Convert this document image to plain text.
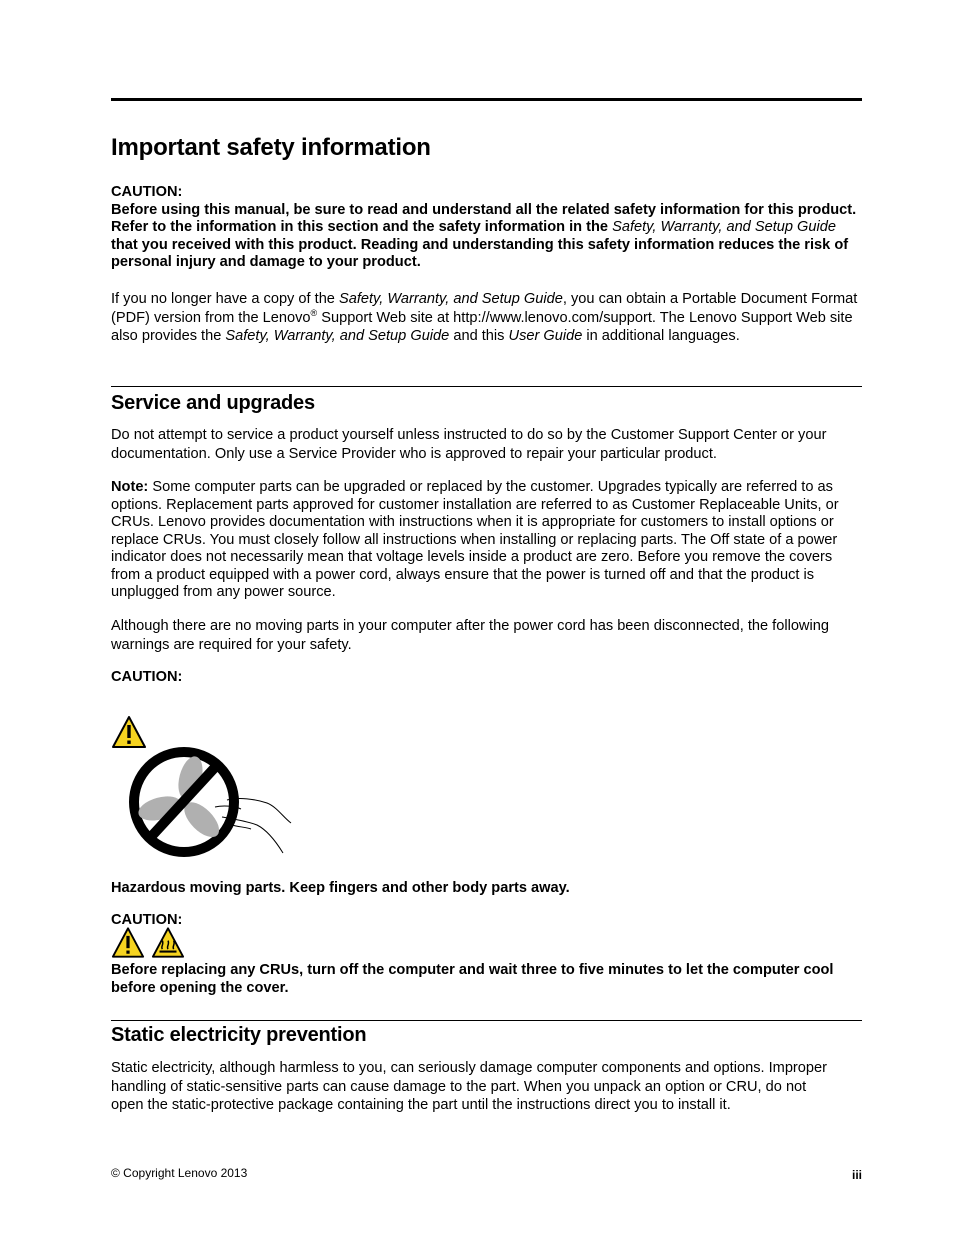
Important safety information
CAUTION:
Before using this manual, be sure to read and understand all the related safety information for this product. Refer to the information in this section and the safety information in the Safety, Warranty, and Setup Guide that you received with this product. Reading and understanding this safety information reduces the risk of personal injury and damage to your product.
If you no longer have a copy of the Safety, Warranty, and Setup Guide, you can obtain a Portable Document Format (PDF) version from the Lenovo® Support Web site at http://www.lenovo.com/support. The Lenovo Support Web site also provides the Safety, Warranty, and Setup Guide and this User Guide in additional languages.
Service and upgrades
Do not attempt to service a product yourself unless instructed to do so by the Customer Support Center or your documentation. Only use a Service Provider who is approved to repair your particular product.
Note: Some computer parts can be upgraded or replaced by the customer. Upgrades typically are referred to as options. Replacement parts approved for customer installation are referred to as Customer Replaceable Units, or CRUs. Lenovo provides documentation with instructions when it is appropriate for customers to install options or replace CRUs. You must closely follow all instructions when installing or replacing parts. The Off state of a power indicator does not necessarily mean that voltage levels inside a product are zero. Before you remove the covers from a product equipped with a power cord, always ensure that the power is turned off and that the product is unplugged from any power source.
Although there are no moving parts in your computer after the power cord has been disconnected, the following warnings are required for your safety.
CAUTION:
Hazardous moving parts. Keep fingers and other body parts away.
CAUTION:
Before replacing any CRUs, turn off the computer and wait three to five minutes to let the computer cool before opening the cover.
Static electricity prevention
Static electricity, although harmless to you, can seriously damage computer components and options. Improper handling of static-sensitive parts can cause damage to the part. When you unpack an option or CRU, do not open the static-protective package containing the part until the instructions direct you to install it.
© Copyright Lenovo 2013	iii
